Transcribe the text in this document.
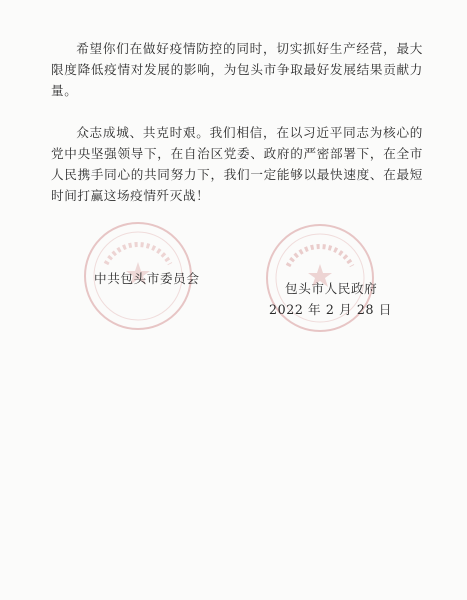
希望你们在做好疫情防控的同时，切实抓好生产经营，最大限度降低疫情对发展的影响，为包头市争取最好发展结果贡献力量。

众志成城、共克时艰。我们相信，在以习近平同志为核心的党中央坚强领导下，在自治区党委、政府的严密部署下，在全市人民携手同心的共同努力下，我们一定能够以最快速度、在最短时间打赢这场疫情歼灭战！

中共包头市委员会
包头市人民政府
2022 年 2 月 28 日
